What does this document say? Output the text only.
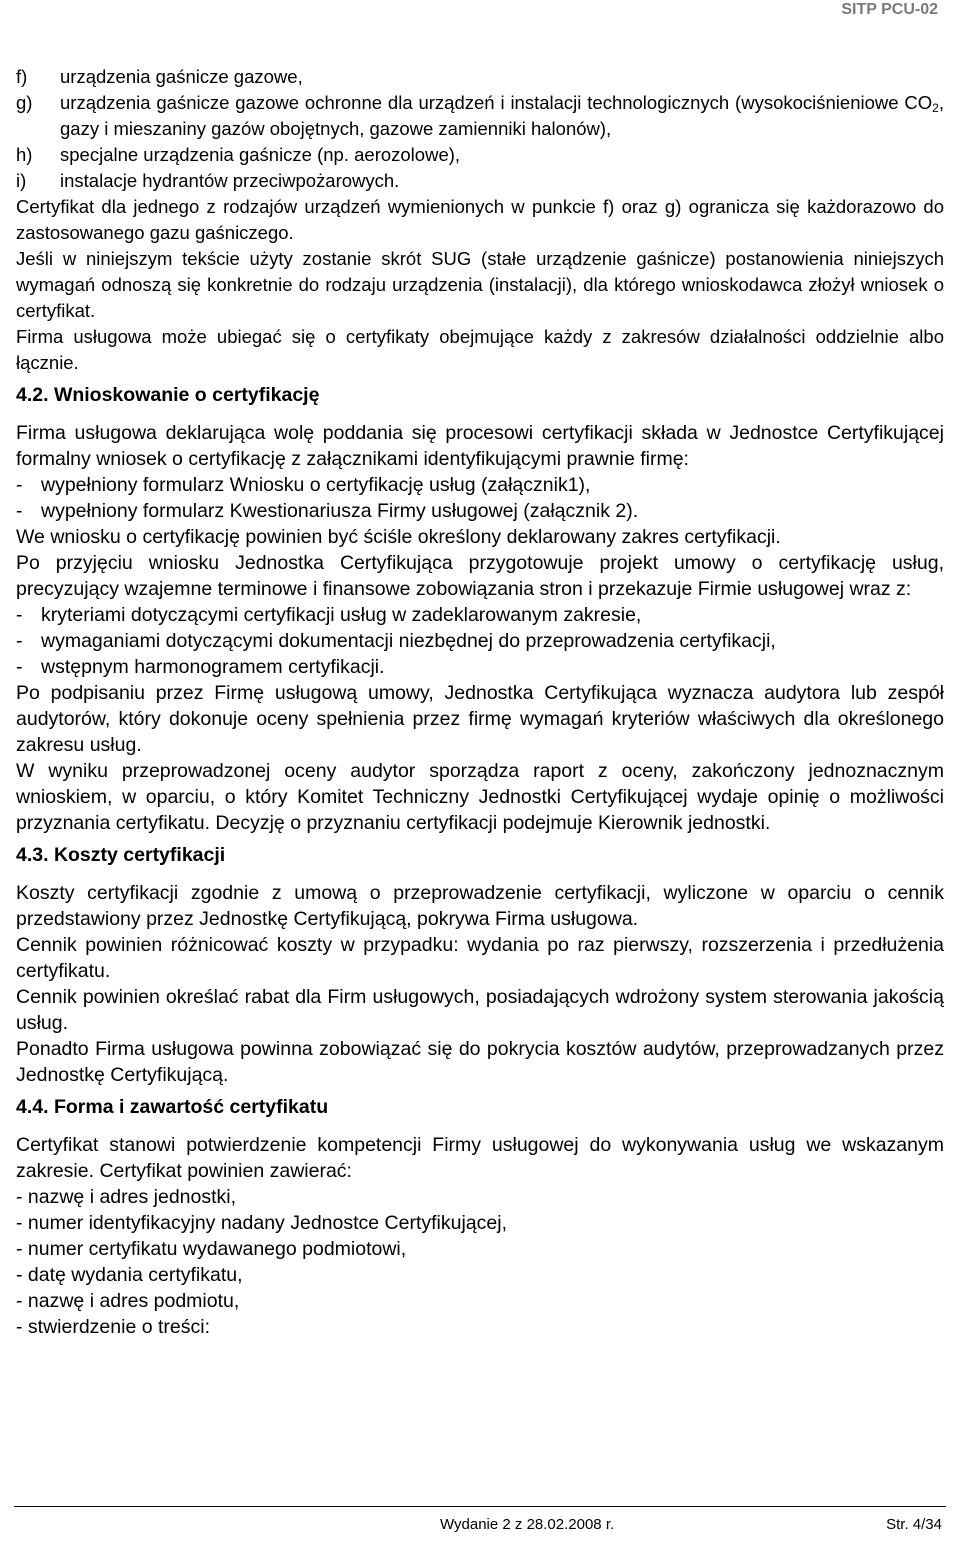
SITP PCU-02
f)	urządzenia gaśnicze gazowe,
g)	urządzenia gaśnicze gazowe ochronne dla urządzeń i instalacji technologicznych (wysokociśnieniowe $CO_2$, gazy i mieszaniny gazów obojętnych, gazowe zamienniki halonów),
h)	specjalne urządzenia gaśnicze (np. aerozolowe),
i)	instalacje hydrantów przeciwpożarowych.

Certyfikat dla jednego z rodzajów urządzeń wymienionych w punkcie f) oraz g) ogranicza się każdorazowo do zastosowanego gazu gaśniczego.

Jeśli w niniejszym tekście użyty zostanie skrót SUG (stałe urządzenie gaśnicze) postanowienia niniejszych wymagań odnoszą się konkretnie do rodzaju urządzenia (instalacji), dla którego wnioskodawca złożył wniosek o certyfikat.

Firma usługowa może ubiegać się o certyfikaty obejmujące każdy z zakresów działalności oddzielnie albo łącznie.

4.2. Wnioskowanie o certyfikację

Firma usługowa deklarująca wolę poddania się procesowi certyfikacji składa w Jednostce Certyfikującej formalny wniosek o certyfikację z załącznikami identyfikującymi prawnie firmę:

- wypełniony formularz Wniosku o certyfikację usług (załącznik1),
- wypełniony formularz Kwestionariusza Firmy usługowej (załącznik 2).

We wniosku o certyfikację powinien być ściśle określony deklarowany zakres certyfikacji.

Po przyjęciu wniosku Jednostka Certyfikująca przygotowuje projekt umowy o certyfikację usług, precyzujący wzajemne terminowe i finansowe zobowiązania stron i przekazuje Firmie usługowej wraz z:

- kryteriami dotyczącymi certyfikacji usług w zadeklarowanym zakresie,
- wymaganiami dotyczącymi dokumentacji niezbędnej do przeprowadzenia certyfikacji,
- wstępnym harmonogramem certyfikacji.

Po podpisaniu przez Firmę usługową umowy, Jednostka Certyfikująca wyznacza audytora lub zespół audytorów, który dokonuje oceny spełnienia przez firmę wymagań kryteriów właściwych dla określonego zakresu usług.

W wyniku przeprowadzonej oceny audytor sporządza raport z oceny, zakończony jednoznacznym wnioskiem, w oparciu, o który Komitet Techniczny Jednostki Certyfikującej wydaje opinię o możliwości przyznania certyfikatu. Decyzję o przyznaniu certyfikacji podejmuje Kierownik jednostki.

4.3. Koszty certyfikacji

Koszty certyfikacji zgodnie z umową o przeprowadzenie certyfikacji, wyliczone w oparciu o cennik przedstawiony przez Jednostkę Certyfikującą, pokrywa Firma usługowa.

Cennik powinien różnicować koszty w przypadku: wydania po raz pierwszy, rozszerzenia i przedłużenia certyfikatu.

Cennik powinien określać rabat dla Firm usługowych, posiadających wdrożony system sterowania jakością usług.

Ponadto Firma usługowa powinna zobowiązać się do pokrycia kosztów audytów, przeprowadzanych przez Jednostkę Certyfikującą.

4.4. Forma i zawartość certyfikatu

Certyfikat stanowi potwierdzenie kompetencji Firmy usługowej do wykonywania usług we wskazanym zakresie. Certyfikat powinien zawierać:

- nazwę i adres jednostki,
- numer identyfikacyjny nadany Jednostce Certyfikującej,
- numer certyfikatu wydawanego podmiotowi,
- datę wydania certyfikatu,
- nazwę i adres podmiotu,
- stwierdzenie o treści:
Wydanie 2 z 28.02.2008 r.	Str. 4/34
